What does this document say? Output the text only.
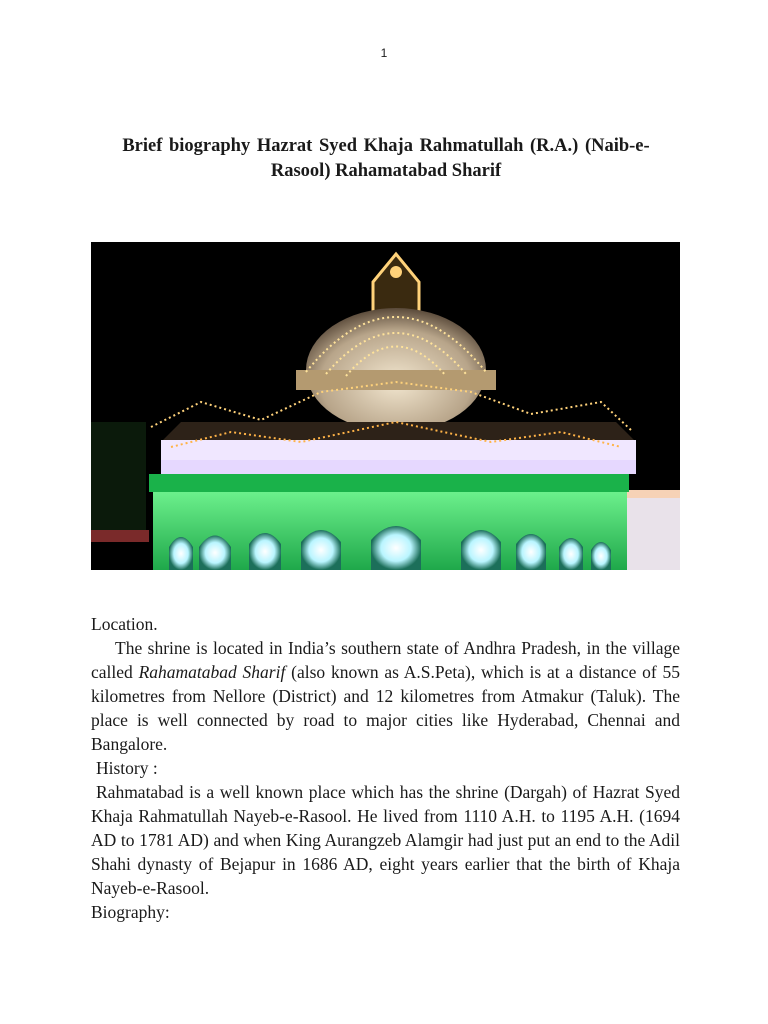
1
Brief biography Hazrat Syed Khaja Rahmatullah (R.A.) (Naib-e-
Rasool) Rahamatabad Sharif

Location.

The shrine is located in India’s southern state of Andhra Pradesh, in the village called Rahamatabad Sharif (also known as A.S.Peta), which is at a distance of 55 kilometres from Nellore (District) and 12 kilometres from Atmakur (Taluk). The place is well connected by road to major cities like Hyderabad, Chennai and Bangalore.

History :

Rahmatabad is a well known place which has the shrine (Dargah) of Hazrat Syed Khaja Rahmatullah Nayeb-e-Rasool. He lived from 1110 A.H. to 1195 A.H. (1694 AD to 1781 AD) and when King Aurangzeb Alamgir had just put an end to the Adil Shahi dynasty of Bejapur in 1686 AD, eight years earlier that the birth of Khaja Nayeb-e-Rasool.

Biography:
